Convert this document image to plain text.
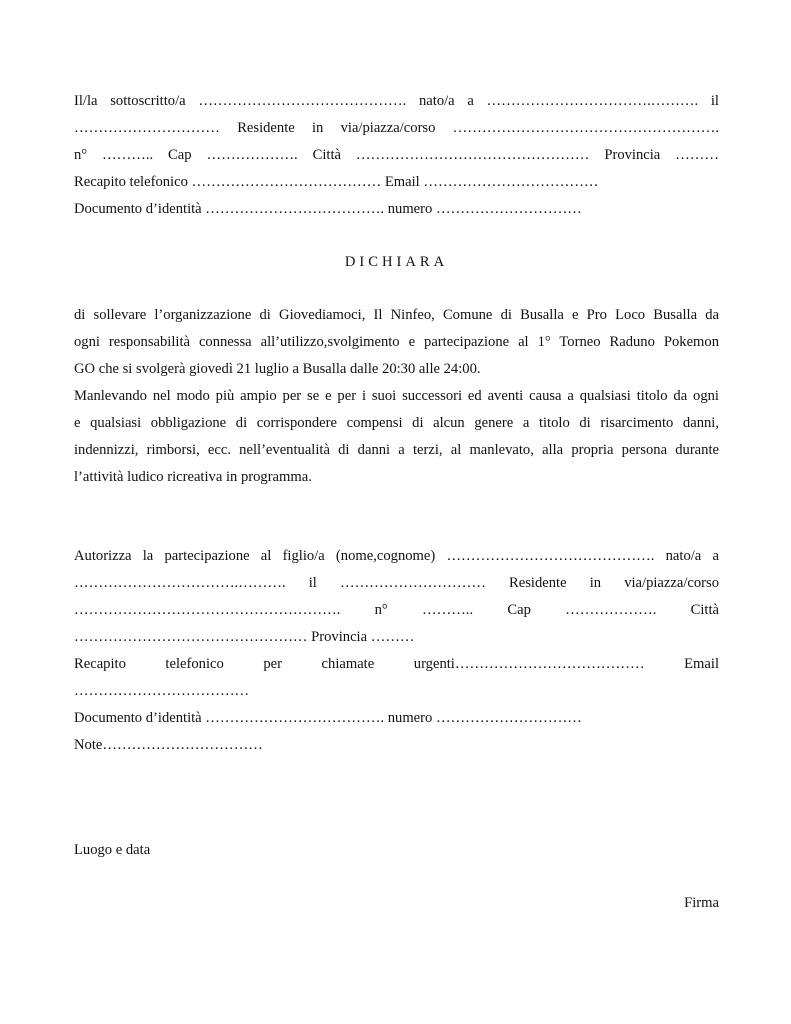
Il/la sottoscritto/a ……………………………………. nato/a a …………………………….………. il
………………………… Residente in via/piazza/corso ……………………………………………….
n° ……….. Cap ………………. Città ………………………………………… Provincia ………
Recapito telefonico ………………………………… Email ………………………………
Documento d’identità ………………………………. numero …………………………
DICHIARA
di sollevare l’organizzazione di Giovediamoci, Il Ninfeo, Comune di Busalla e Pro Loco Busalla da
ogni responsabilità connessa all’utilizzo,svolgimento e partecipazione al 1° Torneo Raduno Pokemon
GO che si svolgerà giovedì 21 luglio a Busalla dalle 20:30 alle 24:00.
Manlevando nel modo più ampio per se e per i suoi successori ed aventi causa a qualsiasi titolo da ogni
e qualsiasi obbligazione di corrispondere compensi di alcun genere a titolo di risarcimento danni,
indennizzi, rimborsi, ecc. nell’eventualità di danni a terzi, al manlevato, alla propria persona durante
l’attività ludico ricreativa in programma.
Autorizza la partecipazione al figlio/a (nome,cognome) ……………………………………. nato/a a
…………………………….………. il ………………………… Residente in via/piazza/corso
………………………………………………. n° ……….. Cap ………………. Città
………………………………………… Provincia ………
Recapito telefonico per chiamate urgenti………………………………… Email
………………………………
Documento d’identità ………………………………. numero …………………………
Note……………………………
Luogo e data
Firma
